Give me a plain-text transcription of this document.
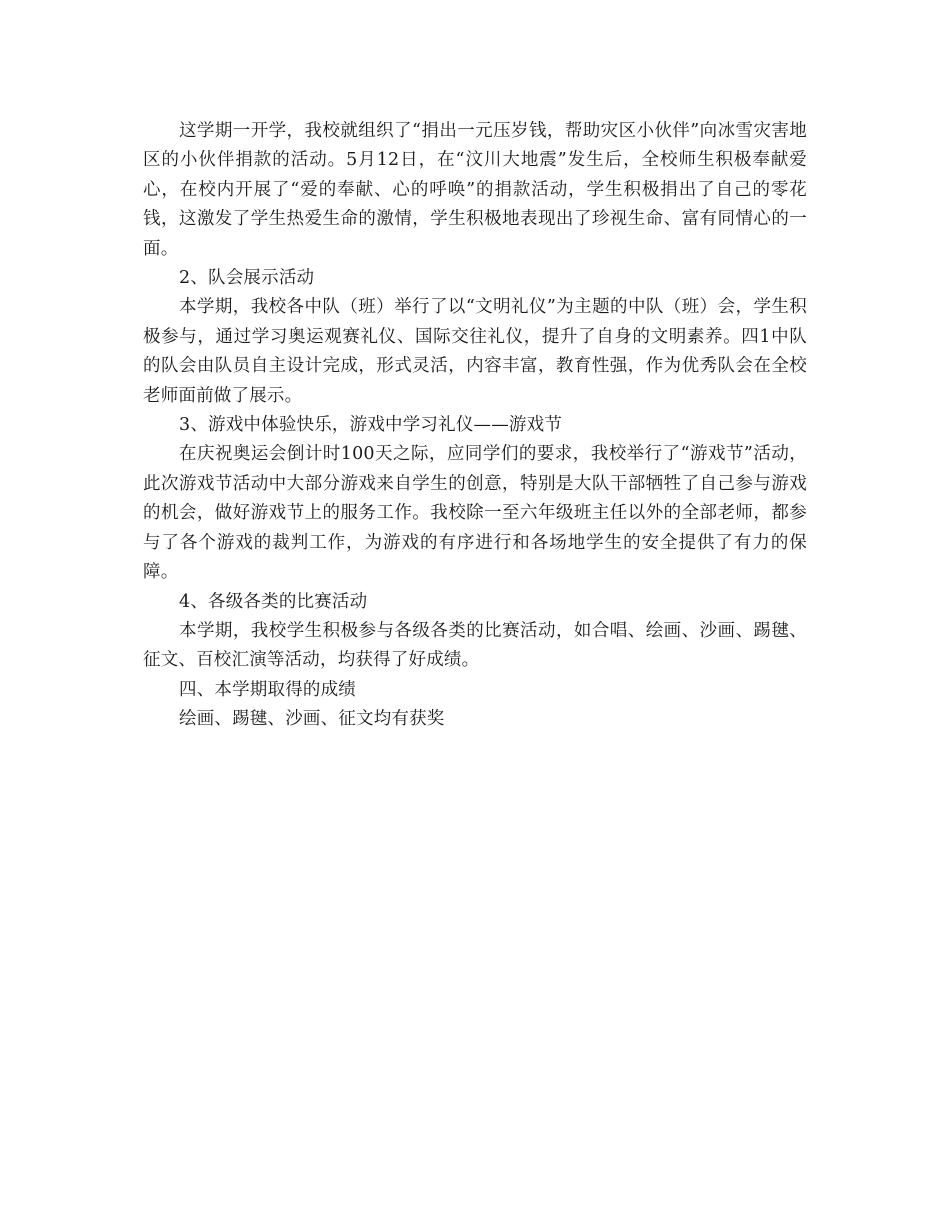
这学期一开学，我校就组织了“捐出一元压岁钱，帮助灾区小伙伴”向冰雪灾害地区的小伙伴捐款的活动。5月12日，在“汶川大地震”发生后，全校师生积极奉献爱心，在校内开展了“爱的奉献、心的呼唤”的捐款活动，学生积极捐出了自己的零花钱，这激发了学生热爱生命的激情，学生积极地表现出了珍视生命、富有同情心的一面。

2、队会展示活动

本学期，我校各中队（班）举行了以“文明礼仪”为主题的中队（班）会，学生积极参与，通过学习奥运观赛礼仪、国际交往礼仪，提升了自身的文明素养。四1中队的队会由队员自主设计完成，形式灵活，内容丰富，教育性强，作为优秀队会在全校老师面前做了展示。

3、游戏中体验快乐，游戏中学习礼仪——游戏节

在庆祝奥运会倒计时100天之际，应同学们的要求，我校举行了“游戏节”活动，此次游戏节活动中大部分游戏来自学生的创意，特别是大队干部牺牲了自己参与游戏的机会，做好游戏节上的服务工作。我校除一至六年级班主任以外的全部老师，都参与了各个游戏的裁判工作，为游戏的有序进行和各场地学生的安全提供了有力的保障。

4、各级各类的比赛活动

本学期，我校学生积极参与各级各类的比赛活动，如合唱、绘画、沙画、踢毽、征文、百校汇演等活动，均获得了好成绩。

四、本学期取得的成绩

绘画、踢毽、沙画、征文均有获奖
